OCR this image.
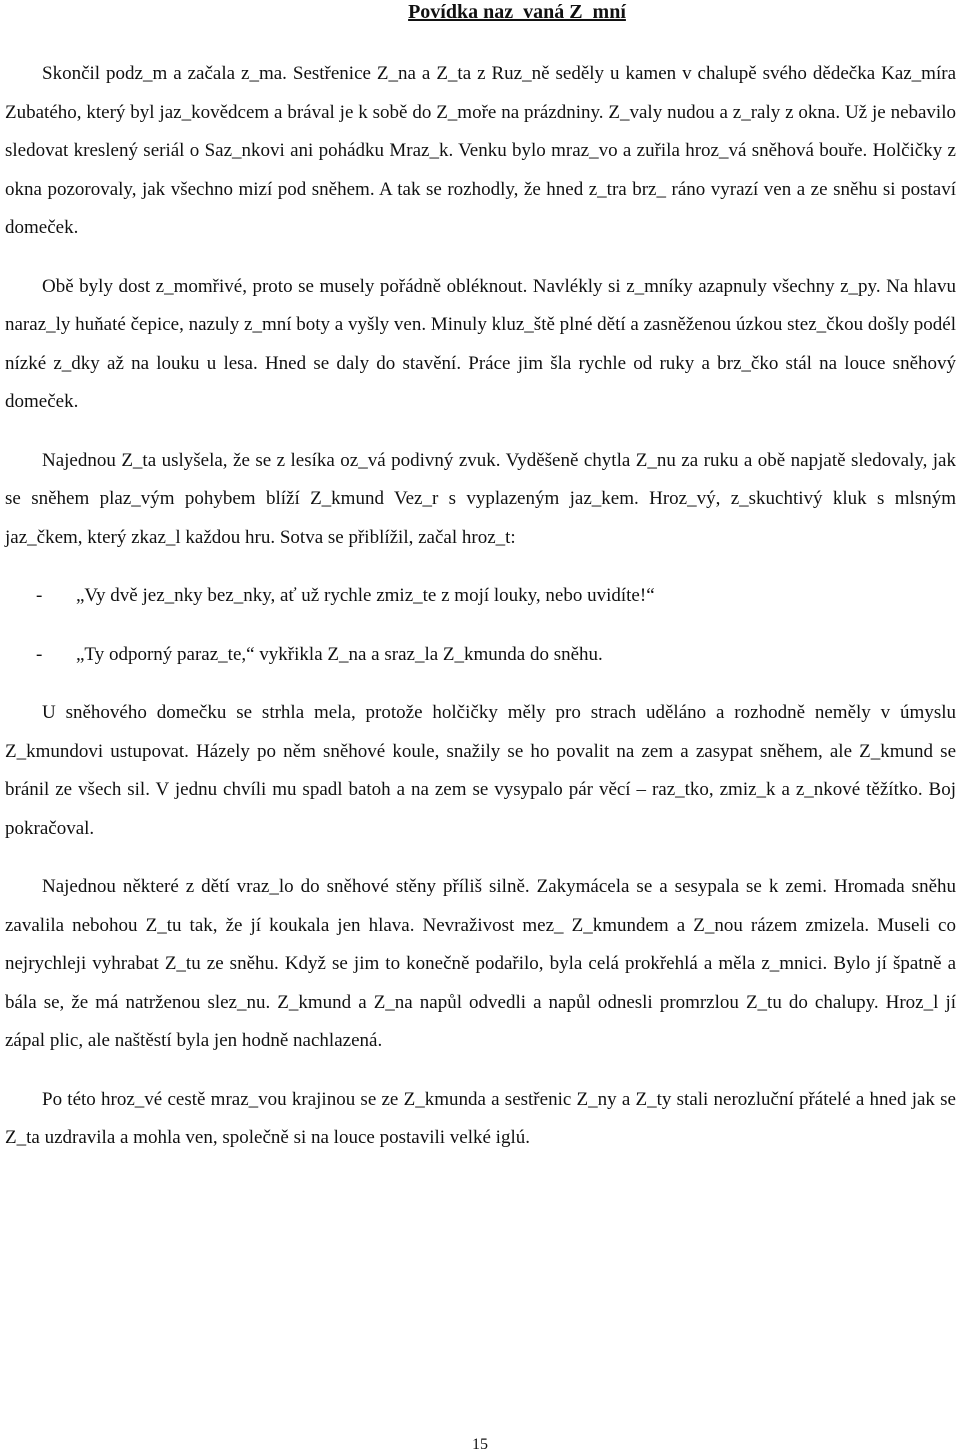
Povídka naz_vaná Z_mní

Skončil podz_m a začala z_ma. Sestřenice Z_na a Z_ta z Ruz_ně seděly u kamen v chalupě svého dědečka Kaz_míra Zubatého, který byl jaz_kovědcem a brával je k sobě do Z_moře na prázdniny. Z_valy nudou a z_raly z okna. Už je nebavilo sledovat kreslený seriál o Saz_nkovi ani pohádku Mraz_k. Venku bylo mraz_vo a zuřila hroz_vá sněhová bouře. Holčičky z okna pozorovaly, jak všechno mizí pod sněhem. A tak se rozhodly, že hned z_tra brz_ ráno vyrazí ven a ze sněhu si postaví domeček.

Obě byly dost z_momřivé, proto se musely pořádně obléknout. Navlékly si z_mníky azapnuly všechny z_py. Na hlavu naraz_ly huňaté čepice, nazuly z_mní boty a vyšly ven. Minuly kluz_ště plné dětí a zasněženou úzkou stez_čkou došly podél nízké z_dky až na louku u lesa. Hned se daly do stavění. Práce jim šla rychle od ruky a brz_čko stál na louce sněhový domeček.

Najednou Z_ta uslyšela, že se z lesíka oz_vá podivný zvuk. Vyděšeně chytla Z_nu za ruku a obě napjatě sledovaly, jak se sněhem plaz_vým pohybem blíží Z_kmund Vez_r s vyplazeným jaz_kem. Hroz_vý, z_skuchtivý kluk s mlsným jaz_čkem, který zkaz_l každou hru. Sotva se přiblížil, začal hroz_t:

-	„Vy dvě jez_nky bez_nky, ať už rychle zmiz_te z mojí louky, nebo uvidíte!“
-	„Ty odporný paraz_te,“ vykřikla Z_na a sraz_la Z_kmunda do sněhu.

U sněhového domečku se strhla mela, protože holčičky měly pro strach uděláno a rozhodně neměly v úmyslu Z_kmundovi ustupovat. Házely po něm sněhové koule, snažily se ho povalit na zem a zasypat sněhem, ale Z_kmund se bránil ze všech sil. V jednu chvíli mu spadl batoh a na zem se vysypalo pár věcí – raz_tko, zmiz_k a z_nkové těžítko. Boj pokračoval.

Najednou některé z dětí vraz_lo do sněhové stěny příliš silně. Zakymácela se a sesypala se k zemi. Hromada sněhu zavalila nebohou Z_tu tak, že jí koukala jen hlava. Nevraživost mez_ Z_kmundem a Z_nou rázem zmizela. Museli co nejrychleji vyhrabat Z_tu ze sněhu. Když se jim to konečně podařilo, byla celá prokřehlá a měla z_mnici. Bylo jí špatně a bála se, že má natrženou slez_nu. Z_kmund a Z_na napůl odvedli a napůl odnesli promrzlou Z_tu do chalupy. Hroz_l jí zápal plic, ale naštěstí byla jen hodně nachlazená.

Po této hroz_vé cestě mraz_vou krajinou se ze Z_kmunda a sestřenic Z_ny a Z_ty stali nerozluční přátelé a hned jak se Z_ta uzdravila a mohla ven, společně si na louce postavili velké iglú.

15
